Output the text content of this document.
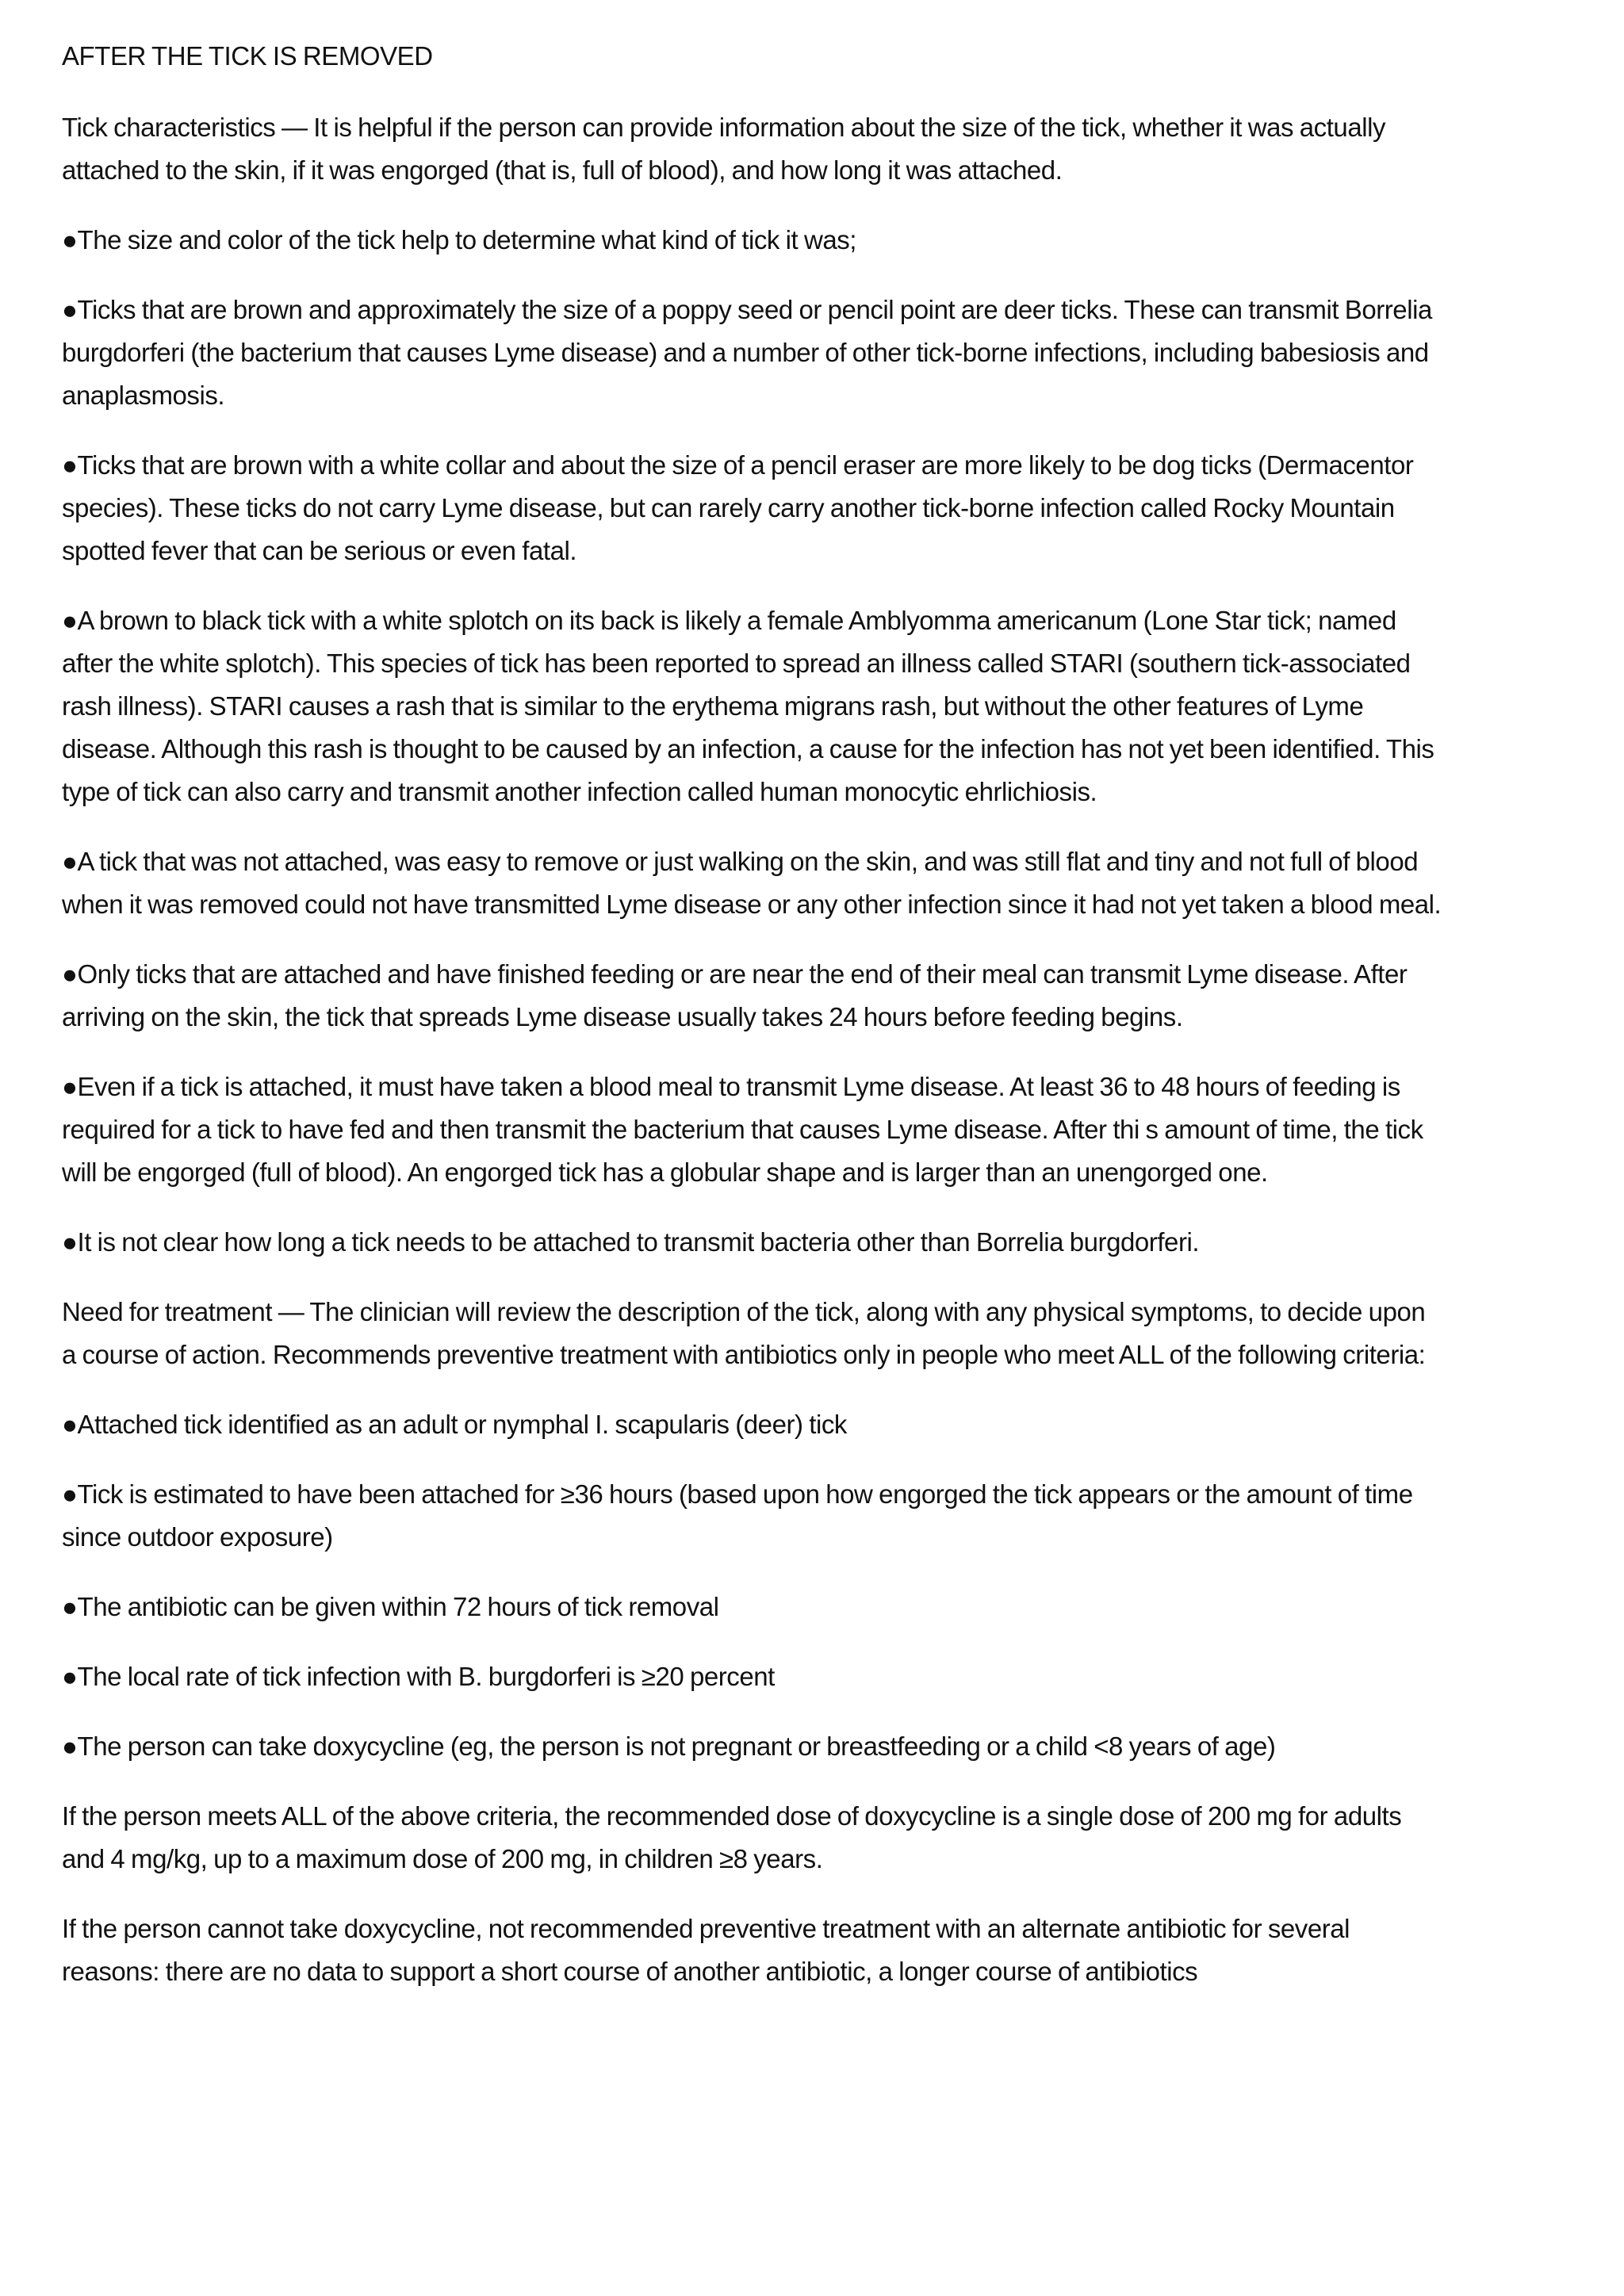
AFTER THE TICK IS REMOVED

Tick characteristics — It is helpful if the person can provide information about the size of the tick, whether it was actually attached to the skin, if it was engorged (that is, full of blood), and how long it was attached.

●The size and color of the tick help to determine what kind of tick it was;

●Ticks that are brown and approximately the size of a poppy seed or pencil point are deer ticks. These can transmit Borrelia burgdorferi (the bacterium that causes Lyme disease) and a number of other tick-borne infections, including babesiosis and anaplasmosis.

●Ticks that are brown with a white collar and about the size of a pencil eraser are more likely to be dog ticks (Dermacentor species). These ticks do not carry Lyme disease, but can rarely carry another tick-borne infection called Rocky Mountain spotted fever that can be serious or even fatal.

●A brown to black tick with a white splotch on its back is likely a female Amblyomma americanum (Lone Star tick; named after the white splotch). This species of tick has been reported to spread an illness called STARI (southern tick-associated rash illness). STARI causes a rash that is similar to the erythema migrans rash, but without the other features of Lyme disease. Although this rash is thought to be caused by an infection, a cause for the infection has not yet been identified. This type of tick can also carry and transmit another infection called human monocytic ehrlichiosis.

●A tick that was not attached, was easy to remove or just walking on the skin, and was still flat and tiny and not full of blood when it was removed could not have transmitted Lyme disease or any other infection since it had not yet taken a blood meal.

●Only ticks that are attached and have finished feeding or are near the end of their meal can transmit Lyme disease. After arriving on the skin, the tick that spreads Lyme disease usually takes 24 hours before feeding begins.

●Even if a tick is attached, it must have taken a blood meal to transmit Lyme disease. At least 36 to 48 hours of feeding is required for a tick to have fed and then transmit the bacterium that causes Lyme disease. After thi s amount of time, the tick will be engorged (full of blood). An engorged tick has a globular shape and is larger than an unengorged one.

●It is not clear how long a tick needs to be attached to transmit bacteria other than Borrelia burgdorferi.

Need for treatment — The clinician will review the description of the tick, along with any physical symptoms, to decide upon a course of action. Recommends preventive treatment with antibiotics only in people who meet ALL of the following criteria:

●Attached tick identified as an adult or nymphal I. scapularis (deer) tick

●Tick is estimated to have been attached for ≥36 hours (based upon how engorged the tick appears or the amount of time since outdoor exposure)

●The antibiotic can be given within 72 hours of tick removal

●The local rate of tick infection with B. burgdorferi is ≥20 percent

●The person can take doxycycline (eg, the person is not pregnant or breastfeeding or a child <8 years of age)

If the person meets ALL of the above criteria, the recommended dose of doxycycline is a single dose of 200 mg for adults and 4 mg/kg, up to a maximum dose of 200 mg, in children ≥8 years.

If the person cannot take doxycycline, not recommended preventive treatment with an alternate antibiotic for several reasons: there are no data to support a short course of another antibiotic, a longer course of antibiotics
